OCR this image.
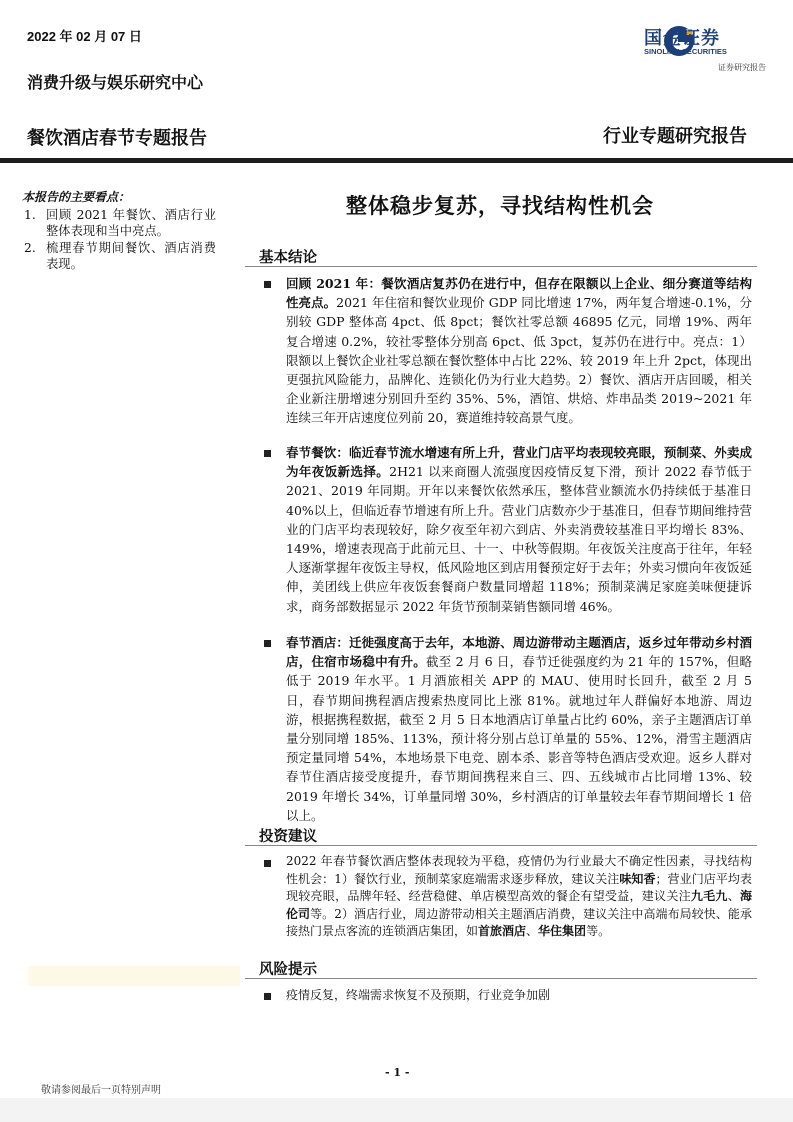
2022 年 02 月 07 日
消费升级与娱乐研究中心
餐饮酒店春节专题报告	行业专题研究报告
国金证券
SINOLINK SECURITIES
证券研究报告
本报告的主要看点：
1. 回顾 2021 年餐饮、酒店行业整体表现和当中亮点。
2. 梳理春节期间餐饮、酒店消费表现。
整体稳步复苏，寻找结构性机会
基本结论
回顾 2021 年：餐饮酒店复苏仍在进行中，但存在限额以上企业、细分赛道等结构性亮点。2021 年住宿和餐饮业现价 GDP 同比增速 17%，两年复合增速-0.1%，分别较 GDP 整体高 4pct、低 8pct；餐饮社零总额 46895 亿元，同增 19%、两年复合增速 0.2%，较社零整体分别高 6pct、低 3pct，复苏仍在进行中。亮点：1）限额以上餐饮企业社零总额在餐饮整体中占比 22%、较 2019 年上升 2pct，体现出更强抗风险能力，品牌化、连锁化仍为行业大趋势。2）餐饮、酒店开店回暖，相关企业新注册增速分别回升至约 35%、5%，酒馆、烘焙、炸串品类 2019~2021 年连续三年开店速度位列前 20，赛道维持较高景气度。
春节餐饮：临近春节流水增速有所上升，营业门店平均表现较亮眼，预制菜、外卖成为年夜饭新选择。2H21 以来商圈人流强度因疫情反复下滑，预计 2022 春节低于 2021、2019 年同期。开年以来餐饮依然承压，整体营业额流水仍持续低于基准日 40%以上，但临近春节增速有所上升。营业门店数亦少于基准日，但春节期间维持营业的门店平均表现较好，除夕夜至年初六到店、外卖消费较基准日平均增长 83%、149%，增速表现高于此前元旦、十一、中秋等假期。年夜饭关注度高于往年，年轻人逐渐掌握年夜饭主导权，低风险地区到店用餐预定好于去年；外卖习惯向年夜饭延伸，美团线上供应年夜饭套餐商户数量同增超 118%；预制菜满足家庭美味便捷诉求，商务部数据显示 2022 年货节预制菜销售额同增 46%。
春节酒店：迁徙强度高于去年，本地游、周边游带动主题酒店，返乡过年带动乡村酒店，住宿市场稳中有升。截至 2 月 6 日，春节迁徙强度约为 21 年的 157%，但略低于 2019 年水平。1 月酒旅相关 APP 的 MAU、使用时长回升，截至 2 月 5 日，春节期间携程酒店搜索热度同比上涨 81%。就地过年人群偏好本地游、周边游，根据携程数据，截至 2 月 5 日本地酒店订单量占比约 60%，亲子主题酒店订单量分别同增 185%、113%，预计将分别占总订单量的 55%、12%，滑雪主题酒店预定量同增 54%，本地场景下电竞、剧本杀、影音等特色酒店受欢迎。返乡人群对春节住酒店接受度提升，春节期间携程来自三、四、五线城市占比同增 13%、较 2019 年增长 34%，订单量同增 30%，乡村酒店的订单量较去年春节期间增长 1 倍以上。
投资建议
2022 年春节餐饮酒店整体表现较为平稳，疫情仍为行业最大不确定性因素，寻找结构性机会：1）餐饮行业，预制菜家庭端需求逐步释放，建议关注味知香；营业门店平均表现较亮眼，品牌年轻、经营稳健、单店模型高效的餐企有望受益，建议关注九毛九、海伦司等。2）酒店行业，周边游带动相关主题酒店消费，建议关注中高端布局较快、能承接热门景点客流的连锁酒店集团，如首旅酒店、华住集团等。
风险提示
疫情反复，终端需求恢复不及预期，行业竞争加剧
- 1 -
敬请参阅最后一页特别声明
